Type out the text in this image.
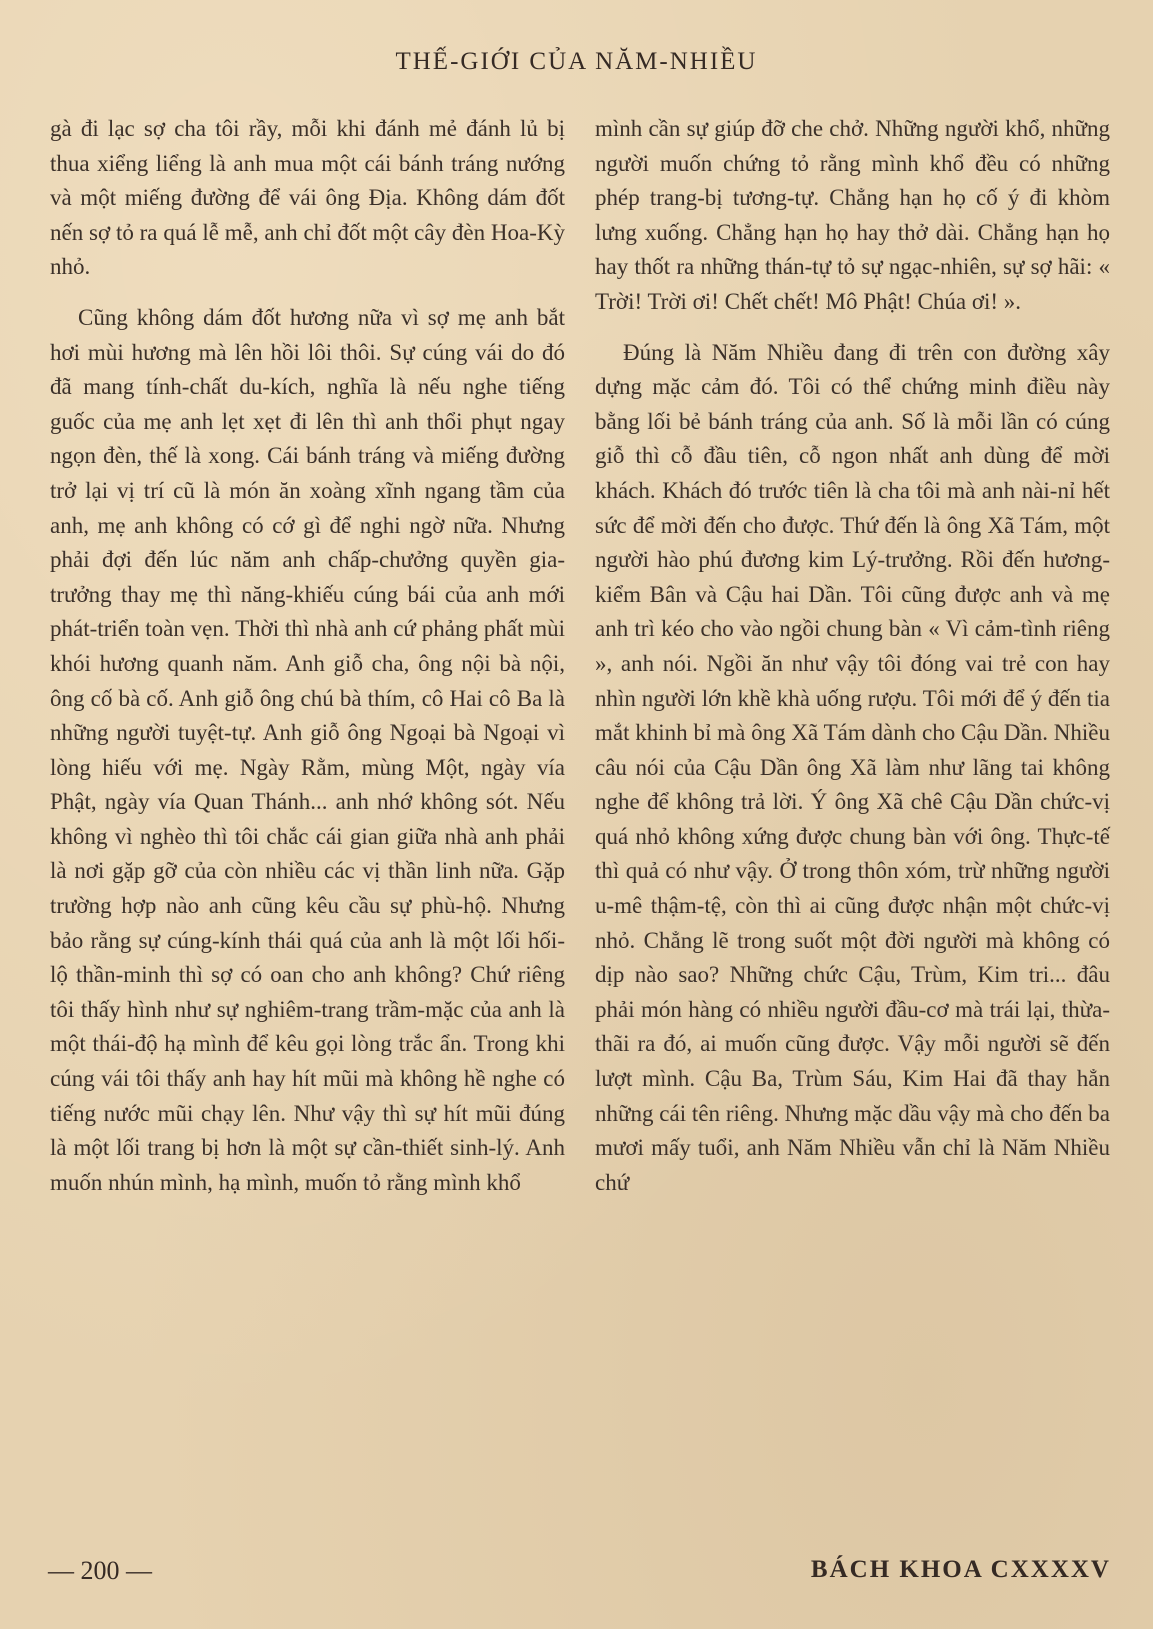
THẾ-GIỚI CỦA NĂM-NHIỀU

gà đi lạc sợ cha tôi rầy, mỗi khi đánh mẻ đánh lủ bị thua xiểng liểng là anh mua một cái bánh tráng nướng và một miếng đường để vái ông Địa. Không dám đốt nến sợ tỏ ra quá lễ mễ, anh chỉ đốt một cây đèn Hoa-Kỳ nhỏ.

Cũng không dám đốt hương nữa vì sợ mẹ anh bắt hơi mùi hương mà lên hồi lôi thôi. Sự cúng vái do đó đã mang tính-chất du-kích, nghĩa là nếu nghe tiếng guốc của mẹ anh lẹt xẹt đi lên thì anh thổi phụt ngay ngọn đèn, thế là xong. Cái bánh tráng và miếng đường trở lại vị trí cũ là món ăn xoàng xĩnh ngang tầm của anh, mẹ anh không có cớ gì để nghi ngờ nữa. Nhưng phải đợi đến lúc năm anh chấp-chưởng quyền gia-trưởng thay mẹ thì năng-khiếu cúng bái của anh mới phát-triển toàn vẹn. Thời thì nhà anh cứ phảng phất mùi khói hương quanh năm. Anh giỗ cha, ông nội bà nội, ông cố bà cố. Anh giỗ ông chú bà thím, cô Hai cô Ba là những người tuyệt-tự. Anh giỗ ông Ngoại bà Ngoại vì lòng hiếu với mẹ. Ngày Rằm, mùng Một, ngày vía Phật, ngày vía Quan Thánh... anh nhớ không sót. Nếu không vì nghèo thì tôi chắc cái gian giữa nhà anh phải là nơi gặp gỡ của còn nhiều các vị thần linh nữa. Gặp trường hợp nào anh cũng kêu cầu sự phù-hộ. Nhưng bảo rằng sự cúng-kính thái quá của anh là một lối hối-lộ thần-minh thì sợ có oan cho anh không? Chứ riêng tôi thấy hình như sự nghiêm-trang trầm-mặc của anh là một thái-độ hạ mình để kêu gọi lòng trắc ẩn. Trong khi cúng vái tôi thấy anh hay hít mũi mà không hề nghe có tiếng nước mũi chạy lên. Như vậy thì sự hít mũi đúng là một lối trang bị hơn là một sự cần-thiết sinh-lý. Anh muốn nhún mình, hạ mình, muốn tỏ rằng mình khổ

mình cần sự giúp đỡ che chở. Những người khổ, những người muốn chứng tỏ rằng mình khổ đều có những phép trang-bị tương-tự. Chẳng hạn họ cố ý đi khòm lưng xuống. Chẳng hạn họ hay thở dài. Chẳng hạn họ hay thốt ra những thán-tự tỏ sự ngạc-nhiên, sự sợ hãi: « Trời! Trời ơi! Chết chết! Mô Phật! Chúa ơi! ».

Đúng là Năm Nhiều đang đi trên con đường xây dựng mặc cảm đó. Tôi có thể chứng minh điều này bằng lối bẻ bánh tráng của anh. Số là mỗi lần có cúng giỗ thì cỗ đầu tiên, cỗ ngon nhất anh dùng để mời khách. Khách đó trước tiên là cha tôi mà anh nài-nỉ hết sức để mời đến cho được. Thứ đến là ông Xã Tám, một người hào phú đương kim Lý-trưởng. Rồi đến hương-kiểm Bân và Cậu hai Dần. Tôi cũng được anh và mẹ anh trì kéo cho vào ngồi chung bàn « Vì cảm-tình riêng », anh nói. Ngồi ăn như vậy tôi đóng vai trẻ con hay nhìn người lớn khề khà uống rượu. Tôi mới để ý đến tia mắt khinh bỉ mà ông Xã Tám dành cho Cậu Dần. Nhiều câu nói của Cậu Dần ông Xã làm như lãng tai không nghe để không trả lời. Ý ông Xã chê Cậu Dần chức-vị quá nhỏ không xứng được chung bàn với ông. Thực-tế thì quả có như vậy. Ở trong thôn xóm, trừ những người u-mê thậm-tệ, còn thì ai cũng được nhận một chức-vị nhỏ. Chẳng lẽ trong suốt một đời người mà không có dịp nào sao? Những chức Cậu, Trùm, Kim tri... đâu phải món hàng có nhiều người đầu-cơ mà trái lại, thừa-thãi ra đó, ai muốn cũng được. Vậy mỗi người sẽ đến lượt mình. Cậu Ba, Trùm Sáu, Kim Hai đã thay hẳn những cái tên riêng. Nhưng mặc dầu vậy mà cho đến ba mươi mấy tuổi, anh Năm Nhiều vẫn chỉ là Năm Nhiều chứ

— 200 —	BÁCH KHOA CXXXXV
